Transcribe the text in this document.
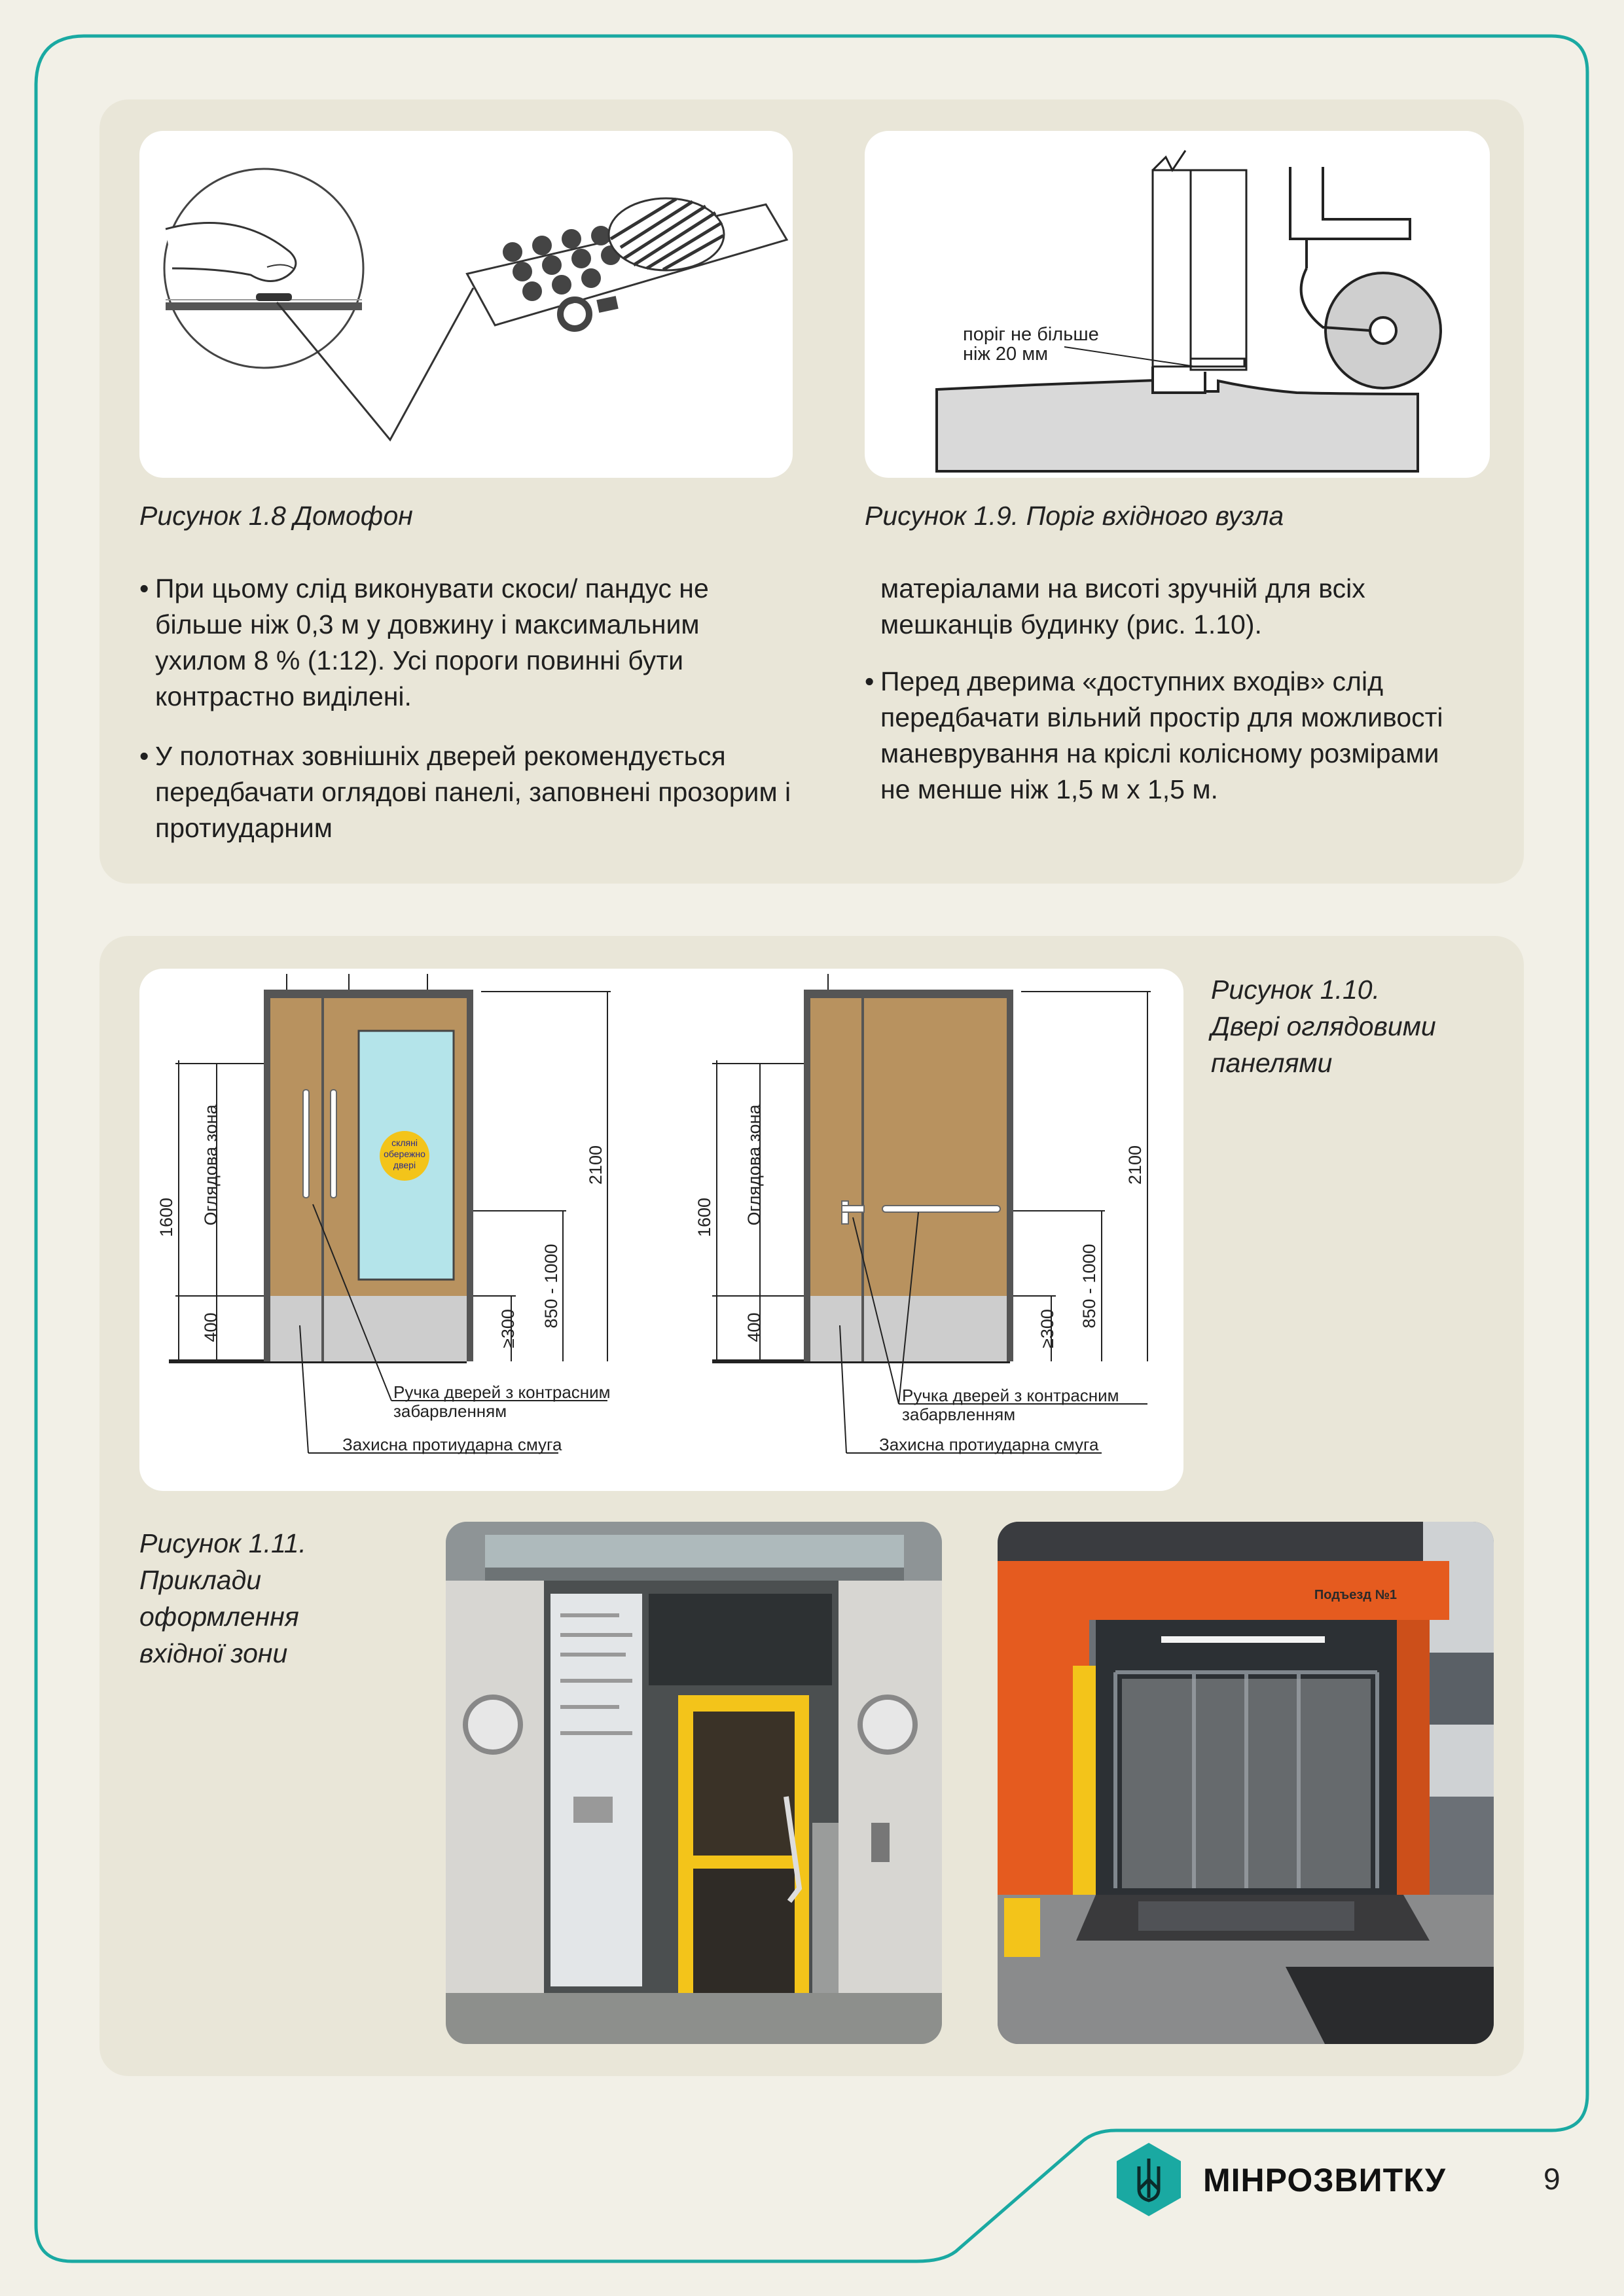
Рисунок 1.8 Домофон
поріг не більше
ніж 20 мм
Рисунок 1.9. Поріг вхідного вузла
• При цьому слід виконувати скоси/ пандус не більше ніж 0,3 м у довжину і максимальним ухилом 8 % (1:12). Усі пороги повинні бути контрастно виділені.
• У полотнах зовнішніх дверей рекомендується передбачати оглядові панелі, заповнені прозорим і протиударним
матеріалами на висоті зручній для всіх мешканців будинку (рис. 1.10).
• Перед дверима «доступних входів» слід передбачати вільний простір для можливості маневрування на кріслі колісному розмірами не менше ніж 1,5 м х 1,5 м.
скляні
обережно
двері
1600 Оглядова зона
400
2100
850 - 1000
≥300
Ручка дверей з контрасним
забарвленням
Захисна протиударна смуга
1600 Оглядова зона
400
2100
850 - 1000
≥300
Ручка дверей з контрасним
забарвленням
Захисна протиударна смуга
Рисунок 1.10.
Двері оглядовими
панелями
Рисунок 1.11.
Приклади
оформлення
вхідної зони
Подъезд №1
МІНРОЗВИТКУ	9
